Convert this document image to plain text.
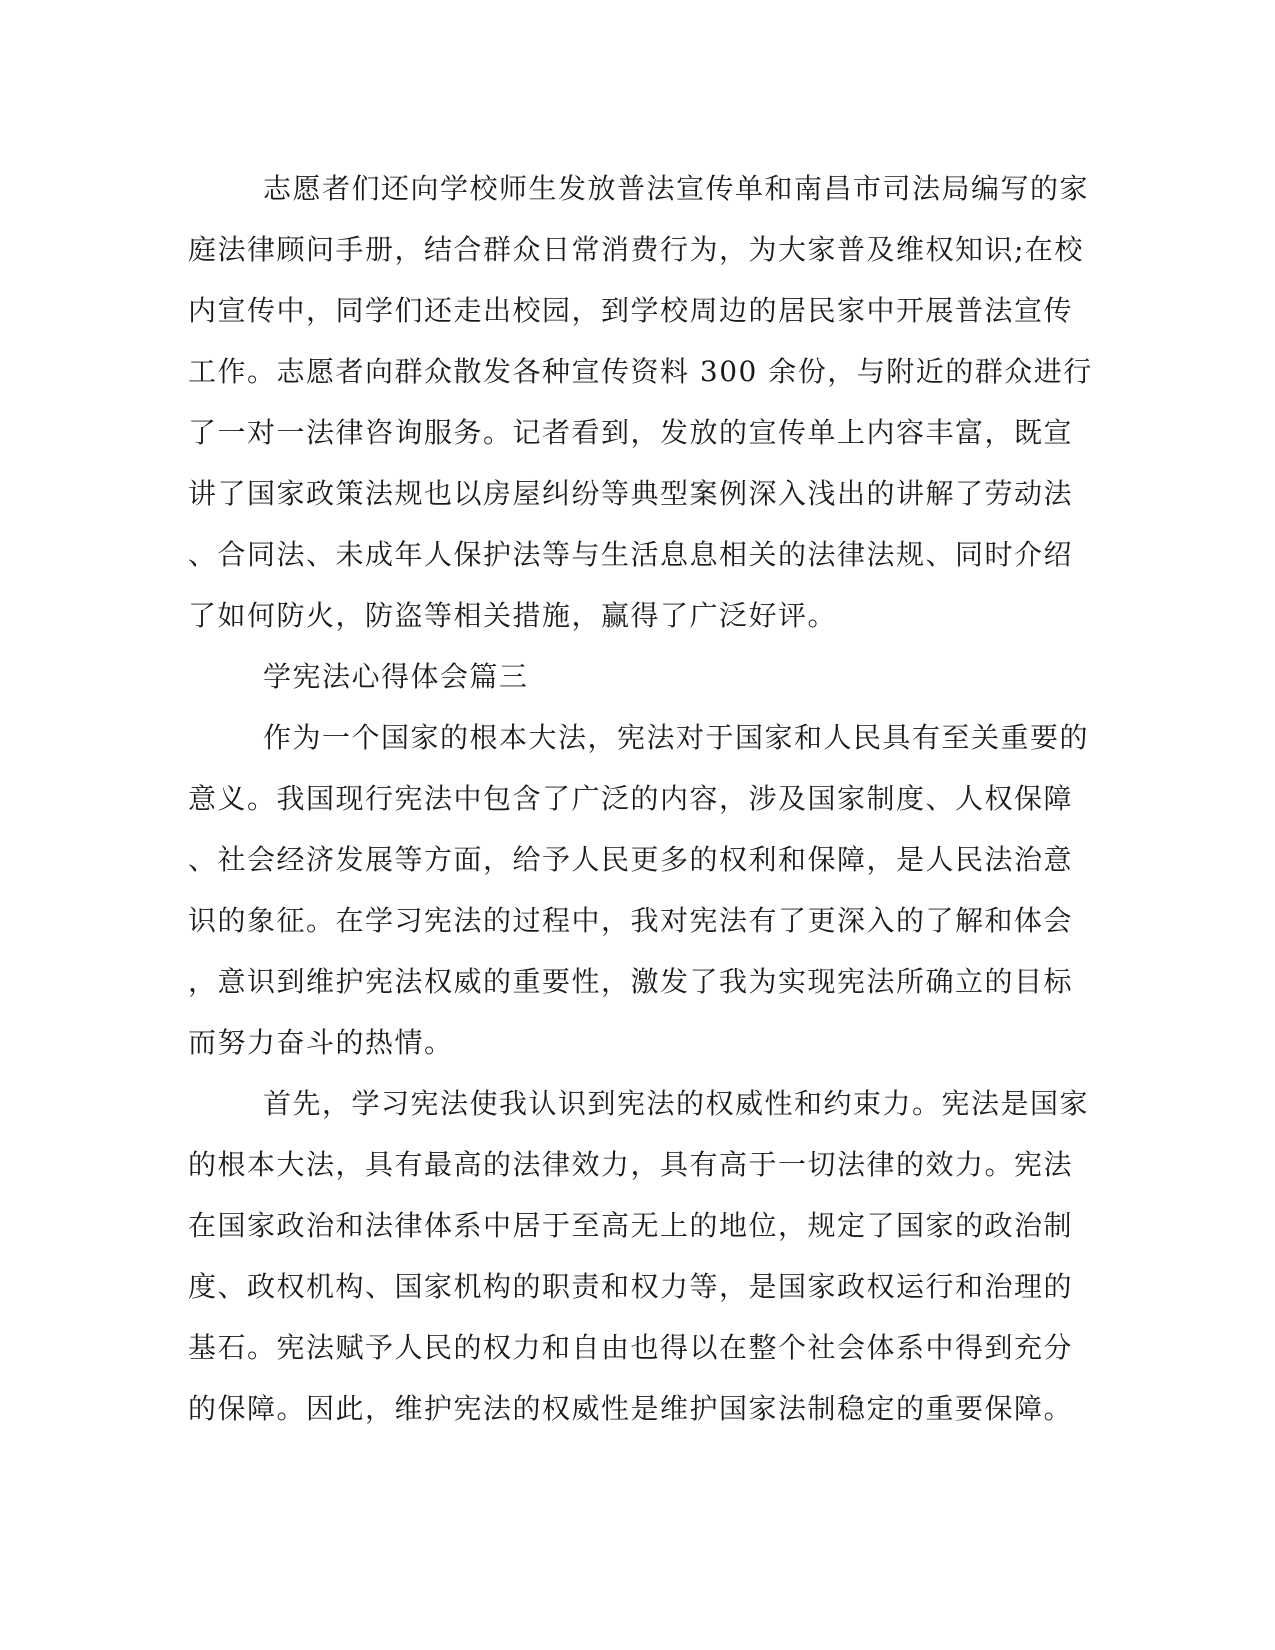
志愿者们还向学校师生发放普法宣传单和南昌市司法局编写的家
庭法律顾问手册，结合群众日常消费行为，为大家普及维权知识;在校
内宣传中，同学们还走出校园，到学校周边的居民家中开展普法宣传
工作。志愿者向群众散发各种宣传资料 300 余份，与附近的群众进行
了一对一法律咨询服务。记者看到，发放的宣传单上内容丰富，既宣
讲了国家政策法规也以房屋纠纷等典型案例深入浅出的讲解了劳动法
、合同法、未成年人保护法等与生活息息相关的法律法规、同时介绍
了如何防火，防盗等相关措施，赢得了广泛好评。
学宪法心得体会篇三
作为一个国家的根本大法，宪法对于国家和人民具有至关重要的
意义。我国现行宪法中包含了广泛的内容，涉及国家制度、人权保障
、社会经济发展等方面，给予人民更多的权利和保障，是人民法治意
识的象征。在学习宪法的过程中，我对宪法有了更深入的了解和体会
，意识到维护宪法权威的重要性，激发了我为实现宪法所确立的目标
而努力奋斗的热情。
首先，学习宪法使我认识到宪法的权威性和约束力。宪法是国家
的根本大法，具有最高的法律效力，具有高于一切法律的效力。宪法
在国家政治和法律体系中居于至高无上的地位，规定了国家的政治制
度、政权机构、国家机构的职责和权力等，是国家政权运行和治理的
基石。宪法赋予人民的权力和自由也得以在整个社会体系中得到充分
的保障。因此，维护宪法的权威性是维护国家法制稳定的重要保障。
